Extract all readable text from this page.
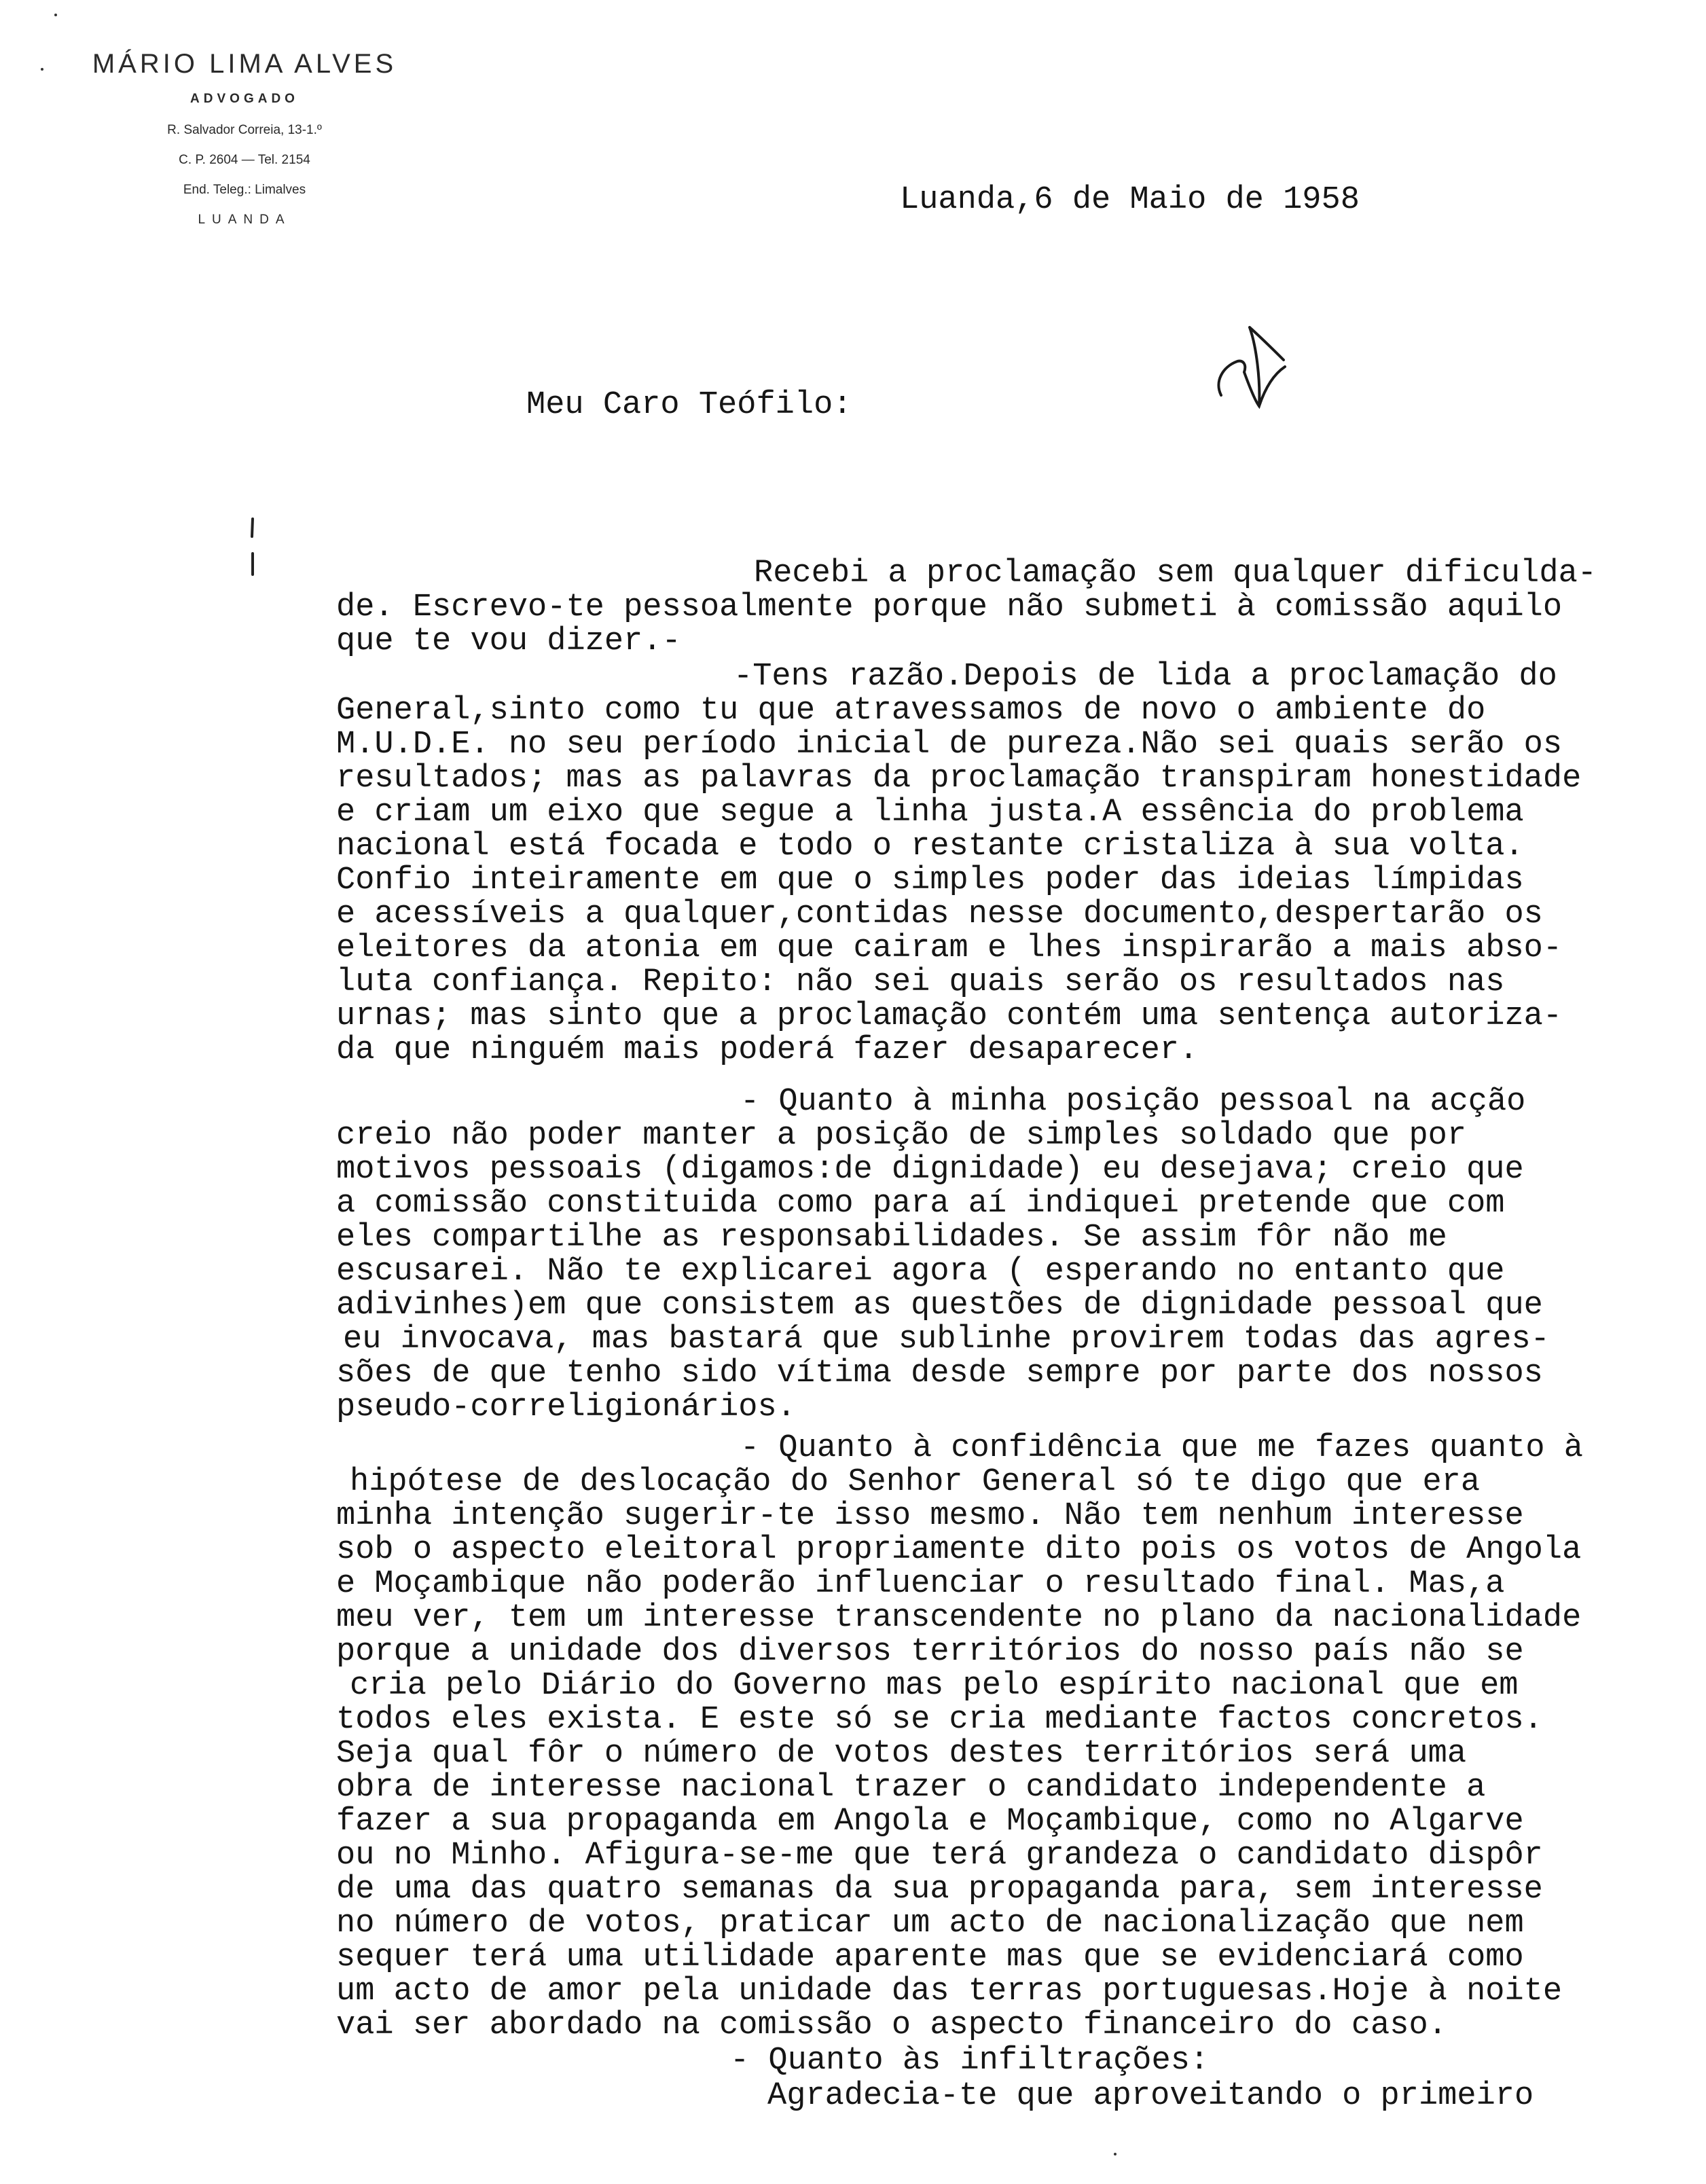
MÁRIO LIMA ALVES
ADVOGADO
R. Salvador Correia, 13-1.º
C. P. 2604 — Tel. 2154
End. Teleg.: Limalves
LUANDA
Luanda,6 de Maio de 1958
Meu Caro Teófilo:
Recebi a proclamação sem qualquer dificulda-
de. Escrevo-te pessoalmente porque não submeti à comissão aquilo
que te vou dizer.-
-Tens razão.Depois de lida a proclamação do
General,sinto como tu que atravessamos de novo o ambiente do
M.U.D.E. no seu período inicial de pureza.Não sei quais serão os
resultados; mas as palavras da proclamação transpiram honestidade
e criam um eixo que segue a linha justa.A essência do problema
nacional está focada e todo o restante cristaliza à sua volta.
Confio inteiramente em que o simples poder das ideias límpidas
e acessíveis a qualquer,contidas nesse documento,despertarão os
eleitores da atonia em que cairam e lhes inspirarão a mais abso-
luta confiança. Repito: não sei quais serão os resultados nas
urnas; mas sinto que a proclamação contém uma sentença autoriza-
da que ninguém mais poderá fazer desaparecer.
- Quanto à minha posição pessoal na acção
creio não poder manter a posição de simples soldado que por
motivos pessoais (digamos:de dignidade) eu desejava; creio que
a comissão constituida como para aí indiquei pretende que com
eles compartilhe as responsabilidades. Se assim fôr não me
escusarei. Não te explicarei agora ( esperando no entanto que
adivinhes)em que consistem as questões de dignidade pessoal que
eu invocava, mas bastará que sublinhe provirem todas das agres-
sões de que tenho sido vítima desde sempre por parte dos nossos
pseudo-correligionários.
- Quanto à confidência que me fazes quanto à
hipótese de deslocação do Senhor General só te digo que era
minha intenção sugerir-te isso mesmo. Não tem nenhum interesse
sob o aspecto eleitoral propriamente dito pois os votos de Angola
e Moçambique não poderão influenciar o resultado final. Mas,a
meu ver, tem um interesse transcendente no plano da nacionalidade
porque a unidade dos diversos territórios do nosso país não se
cria pelo Diário do Governo mas pelo espírito nacional que em
todos eles exista. E este só se cria mediante factos concretos.
Seja qual fôr o número de votos destes territórios será uma
obra de interesse nacional trazer o candidato independente a
fazer a sua propaganda em Angola e Moçambique, como no Algarve
ou no Minho. Afigura-se-me que terá grandeza o candidato dispôr
de uma das quatro semanas da sua propaganda para, sem interesse
no número de votos, praticar um acto de nacionalização que nem
sequer terá uma utilidade aparente mas que se evidenciará como
um acto de amor pela unidade das terras portuguesas.Hoje à noite
vai ser abordado na comissão o aspecto financeiro do caso.
- Quanto às infiltrações:
Agradecia-te que aproveitando o primeiro
